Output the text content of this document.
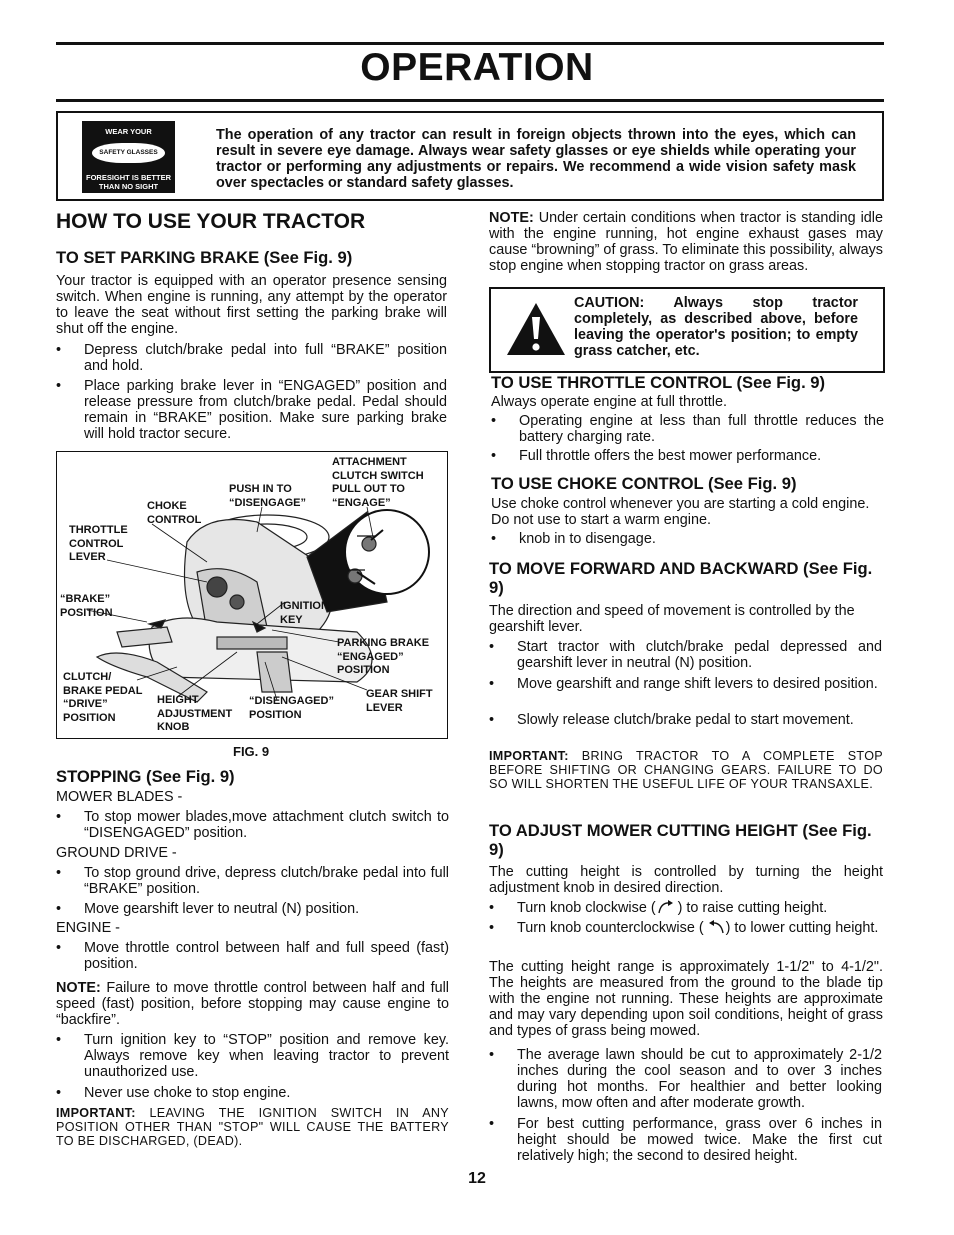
OPERATION
WEAR YOUR
SAFETY GLASSES
FORESIGHT IS BETTER
THAN NO SIGHT
The operation of any tractor can result in foreign objects thrown into the eyes, which can result in severe eye damage. Always wear safety glasses or eye shields while operating your tractor or performing any adjustments or repairs. We recommend a wide vision safety mask over spectacles or standard safety glasses.
HOW TO USE YOUR TRACTOR
TO SET PARKING BRAKE (See Fig. 9)
Your tractor is equipped with an operator presence sensing switch. When engine is running, any attempt by the operator to leave the seat without first setting the parking brake will shut off the engine.
• Depress clutch/brake pedal into full “BRAKE” position and hold.
• Place parking brake lever in “ENGAGED” position and release pressure from clutch/brake pedal. Pedal should remain in “BRAKE” position. Make sure parking brake will hold tractor secure.
ATTACHMENT
CLUTCH SWITCH
PULL OUT TO
“ENGAGE”
PUSH IN TO
“DISENGAGE”
CHOKE
CONTROL
THROTTLE
CONTROL
LEVER
“BRAKE”
POSITION
IGNITION
KEY
PARKING BRAKE
“ENGAGED”
POSITION
CLUTCH/
BRAKE PEDAL
“DRIVE”
POSITION
HEIGHT
ADJUSTMENT
KNOB
“DISENGAGED”
POSITION
GEAR SHIFT
LEVER
FIG. 9
STOPPING (See Fig. 9)
MOWER BLADES -
• To stop mower blades,move attachment clutch switch to “DISENGAGED” position.
GROUND DRIVE -
• To stop ground drive, depress clutch/brake pedal into full “BRAKE” position.
• Move gearshift lever to neutral (N) position.
ENGINE -
• Move throttle control between half and full speed (fast) position.
NOTE: Failure to move throttle control between half and full speed (fast) position, before stopping may cause engine to “backfire”.
• Turn ignition key to “STOP” position and remove key. Always remove key when leaving tractor to prevent unauthorized use.
• Never use choke to stop engine.
IMPORTANT: LEAVING THE IGNITION SWITCH IN ANY POSITION OTHER THAN "STOP" WILL CAUSE THE BATTERY TO BE DISCHARGED, (DEAD).
NOTE: Under certain conditions when tractor is standing idle with the engine running, hot engine exhaust gases may cause “browning” of grass. To eliminate this possibility, always stop engine when stopping tractor on grass areas.
CAUTION: Always stop tractor completely, as described above, before leaving the operator's position; to empty grass catcher, etc.
TO USE THROTTLE CONTROL (See Fig. 9)
Always operate engine at full throttle.
• Operating engine at less than full throttle reduces the battery charging rate.
• Full throttle offers the best mower performance.
TO USE CHOKE CONTROL (See Fig. 9)
Use choke control whenever you are starting a cold engine. Do not use to start a warm engine.
• knob in to disengage.
TO MOVE FORWARD AND BACKWARD (See Fig. 9)
The direction and speed of movement is controlled by the gearshift lever.
• Start tractor with clutch/brake pedal depressed and gearshift lever in neutral (N) position.
• Move gearshift and range shift levers to desired position.
• Slowly release clutch/brake pedal to start movement.
IMPORTANT: BRING TRACTOR TO A COMPLETE STOP BEFORE SHIFTING OR CHANGING GEARS. FAILURE TO DO SO WILL SHORTEN THE USEFUL LIFE OF YOUR TRANSAXLE.
TO ADJUST MOWER CUTTING HEIGHT (See Fig. 9)
The cutting height is controlled by turning the height adjustment knob in desired direction.
• Turn knob clockwise ( ) to raise cutting height.
• Turn knob counterclockwise ( ) to lower cutting height.
The cutting height range is approximately 1-1/2" to 4-1/2". The heights are measured from the ground to the blade tip with the engine not running. These heights are approximate and may vary depending upon soil conditions, height of grass and types of grass being mowed.
• The average lawn should be cut to approximately 2-1/2 inches during the cool season and to over 3 inches during hot months. For healthier and better looking lawns, mow often and after moderate growth.
• For best cutting performance, grass over 6 inches in height should be mowed twice. Make the first cut relatively high; the second to desired height.
12
